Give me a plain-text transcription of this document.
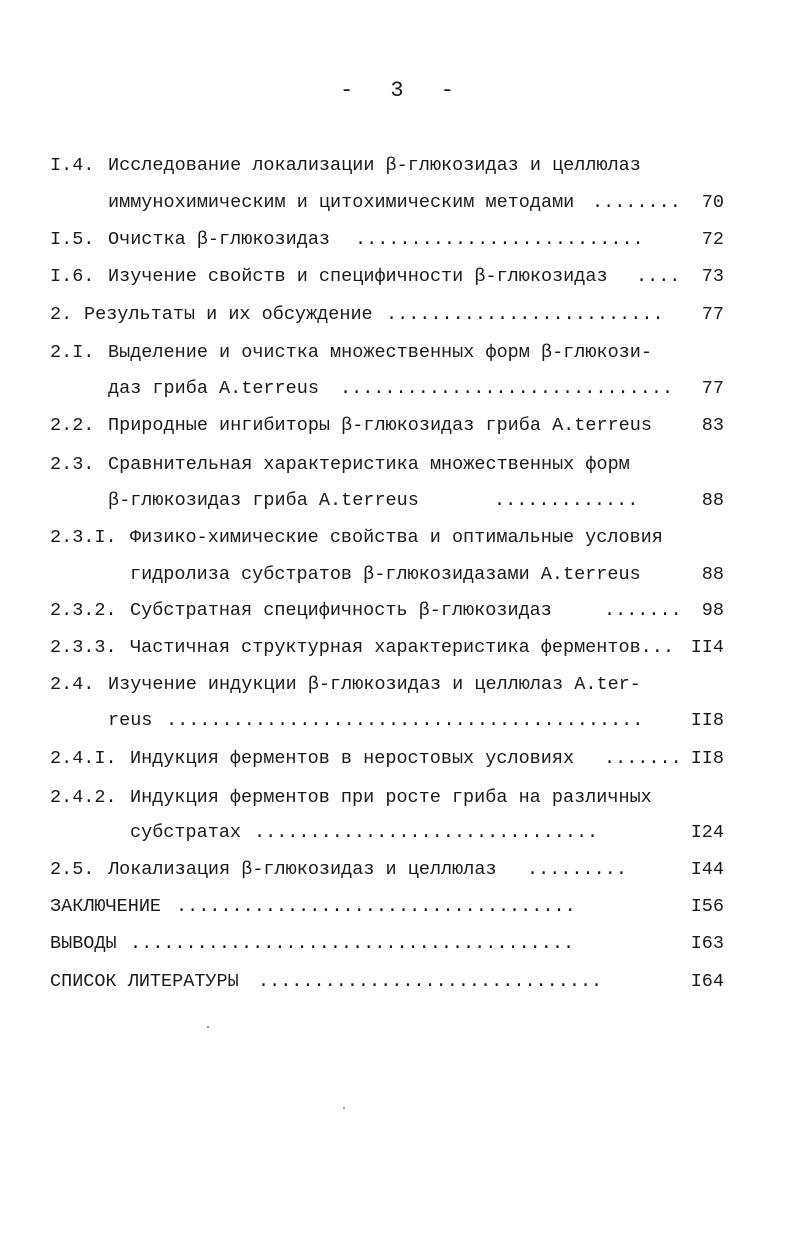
- 3 -
I.4. Исследование локализации β-глюкозидаз и целлюлаз
иммунохимическим и цитохимическим методами ........ 70
I.5. Очистка β-глюкозидаз ..........................	72
I.6. Изучение свойств и специфичности β-глюкозидаз .... 73
2. Результаты и их обсуждение ......................... 77
2.I. Выделение и очистка множественных форм β-глюкози-
даз гриба A.terreus .............................. 77
2.2. Природные ингибиторы β-глюкозидаз гриба A.terreus	83
2.3. Сравнительная характеристика множественных форм
β-глюкозидаз гриба A.terreus	.............	88
2.3.I. Физико-химические свойства и оптимальные условия
гидролиза субстратов β-глюкозидазами A.terreus	88
2.3.2. Субстратная специфичность β-глюкозидаз	....... 98
2.3.3. Частичная структурная характеристика ферментов... II4
2.4. Изучение индукции β-глюкозидаз и целлюлаз A.ter-
reus ...........................................	II8
2.4.I. Индукция ферментов в неростовых условиях ....... II8
2.4.2. Индукция ферментов при росте гриба на различных
субстратах ...............................	I24
2.5. Локализация β-глюкозидаз и целлюлаз .........	I44
ЗАКЛЮЧЕНИЕ ....................................	I56
ВЫВОДЫ ........................................	I63
СПИСОК ЛИТЕРАТУРЫ ...............................	I64
